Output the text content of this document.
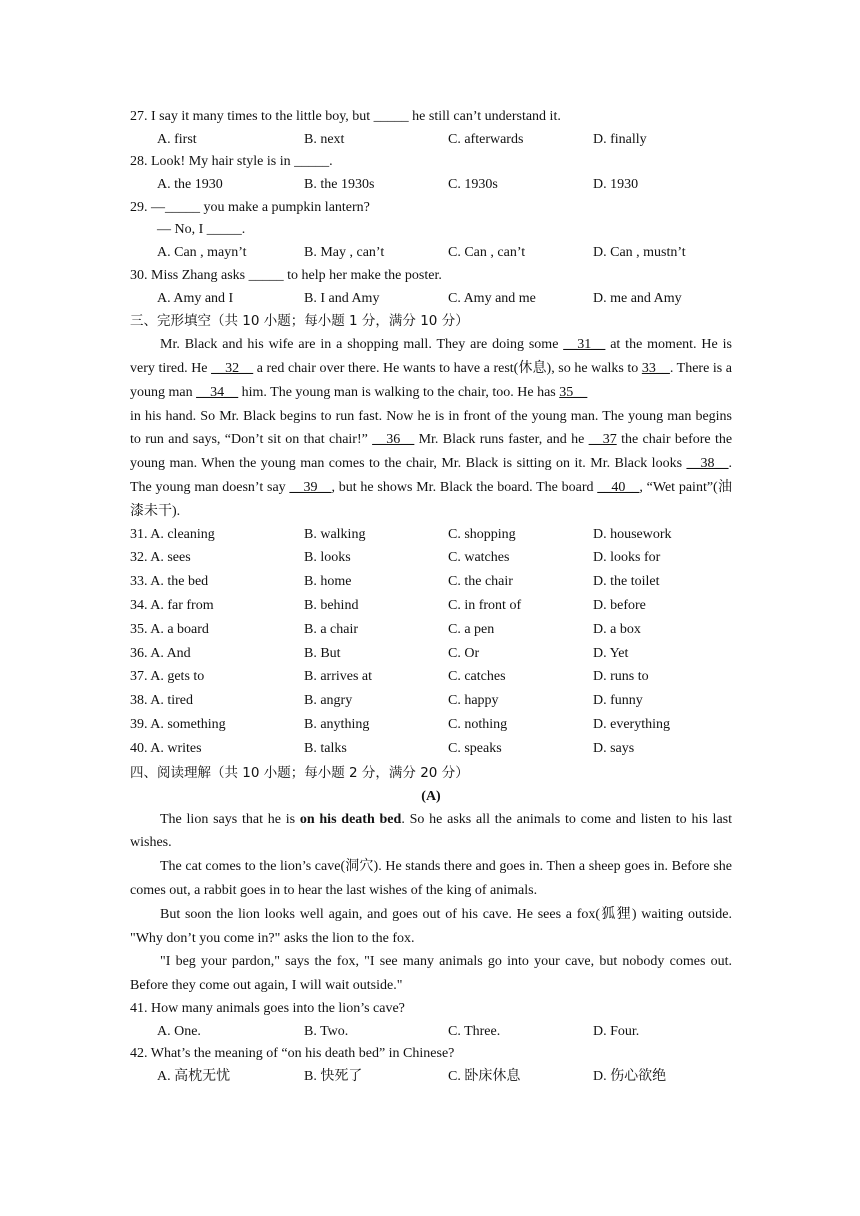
27. I say it many times to the little boy, but _____ he still can’t understand it.
A. first	B. next	C. afterwards	D. finally
28. Look! My hair style is in _____.
A. the 1930	B. the 1930s	C. 1930s	D. 1930
29. —_____ you make a pumpkin lantern?
— No, I _____.
A. Can , mayn’t	B. May , can’t	C. Can , can’t	D. Can , mustn’t
30. Miss Zhang asks _____ to help her make the poster.
A. Amy and I	B. I and Amy	C. Amy and me	D. me and Amy
三、完形填空（共 10 小题；每小题 1 分，满分 10 分）

Mr. Black and his wife are in a shopping mall. They are doing some __31__ at the moment. He is very tired. He __32__ a red chair over there. He wants to have a rest(休息), so he walks to 33__. There is a young man __34__ him. The young man is walking to the chair, too. He has 35__

in his hand. So Mr. Black begins to run fast. Now he is in front of the young man. The young man begins to run and says, “Don’t sit on that chair!” __36__ Mr. Black runs faster, and he __37 the chair before the young man. When the young man comes to the chair, Mr. Black is sitting on it. Mr. Black looks __38__. The young man doesn’t say __39__, but he shows Mr. Black the board. The board __40__, “Wet paint”(油漆未干).

31. A. cleaning	B. walking	C. shopping	D. housework
32. A. sees	B. looks	C. watches	D. looks for
33. A. the bed	B. home	C. the chair	D. the toilet
34. A. far from	B. behind	C. in front of	D. before
35. A. a board	B. a chair	C. a pen	D. a box
36. A. And	B. But	C. Or	D. Yet
37. A. gets to	B. arrives at	C. catches	D. runs to
38. A. tired	B. angry	C. happy	D. funny
39. A. something	B. anything	C. nothing	D. everything
40. A. writes	B. talks	C. speaks	D. says
四、阅读理解（共 10 小题；每小题 2 分，满分 20 分）
(A)

The lion says that he is on his death bed. So he asks all the animals to come and listen to his last wishes.

The cat comes to the lion’s cave(洞穴). He stands there and goes in. Then a sheep goes in. Before she comes out, a rabbit goes in to hear the last wishes of the king of animals.

But soon the lion looks well again, and goes out of his cave. He sees a fox(狐狸) waiting outside. "Why don’t you come in?" asks the lion to the fox.

"I beg your pardon," says the fox, "I see many animals go into your cave, but nobody comes out. Before they come out again, I will wait outside."

41. How many animals goes into the lion’s cave?
A. One.	B. Two.	C. Three.	D. Four.
42. What’s the meaning of “on his death bed” in Chinese?
A. 高枕无忧	B. 快死了	C. 卧床休息	D. 伤心欲绝
